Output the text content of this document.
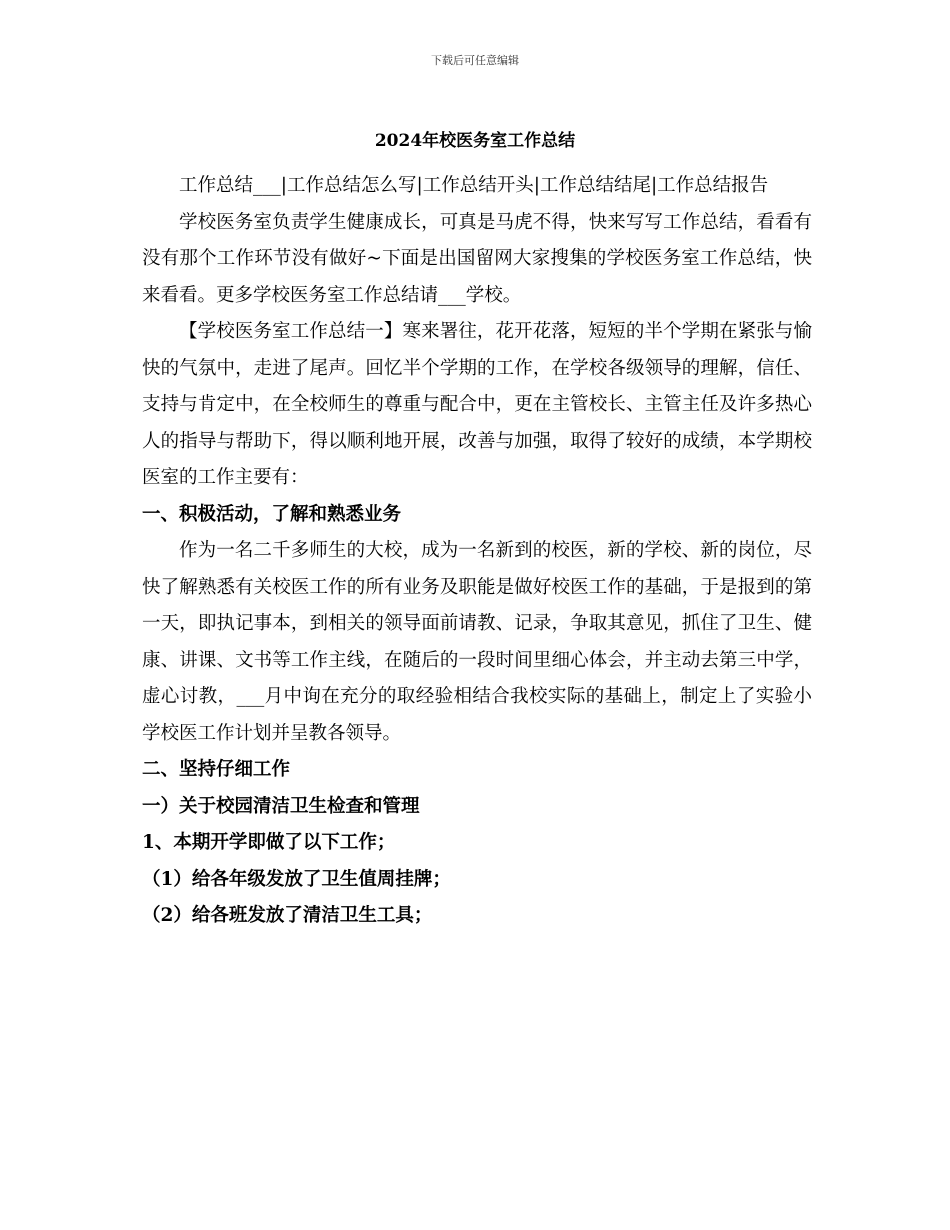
下载后可任意编辑
2024年校医务室工作总结

工作总结___|工作总结怎么写|工作总结开头|工作总结结尾|工作总结报告

学校医务室负责学生健康成长，可真是马虎不得，快来写写工作总结，看看有没有那个工作环节没有做好~下面是出国留网大家搜集的学校医务室工作总结，快来看看。更多学校医务室工作总结请___学校。

【学校医务室工作总结一】寒来署往，花开花落，短短的半个学期在紧张与愉快的气氛中，走进了尾声。回忆半个学期的工作，在学校各级领导的理解，信任、支持与肯定中，在全校师生的尊重与配合中，更在主管校长、主管主任及许多热心人的指导与帮助下，得以顺利地开展，改善与加强，取得了较好的成绩，本学期校医室的工作主要有：

一、积极活动，了解和熟悉业务

作为一名二千多师生的大校，成为一名新到的校医，新的学校、新的岗位，尽快了解熟悉有关校医工作的所有业务及职能是做好校医工作的基础，于是报到的第一天，即执记事本，到相关的领导面前请教、记录，争取其意见，抓住了卫生、健康、讲课、文书等工作主线，在随后的一段时间里细心体会，并主动去第三中学，虚心讨教，___月中询在充分的取经验相结合我校实际的基础上，制定上了实验小学校医工作计划并呈教各领导。

二、坚持仔细工作

一）关于校园清洁卫生检查和管理

1、本期开学即做了以下工作；

（1）给各年级发放了卫生值周挂牌；

（2）给各班发放了清洁卫生工具；
